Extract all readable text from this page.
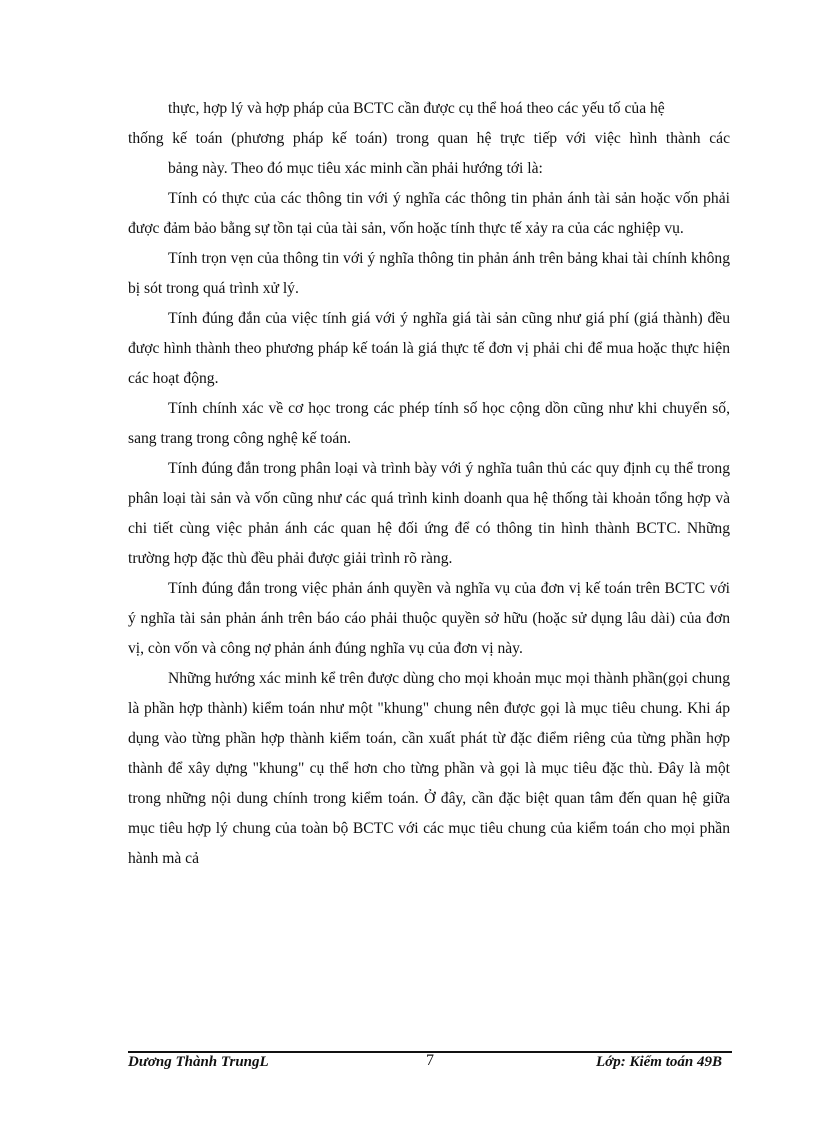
thực, hợp lý và hợp pháp của BCTC cần được cụ thể hoá theo các yếu tố của hệ

thống kế toán (phương pháp kế toán) trong quan hệ trực tiếp với việc hình thành các

bảng này. Theo đó mục tiêu xác minh cần phải hướng tới là:

Tính có thực của các thông tin với ý nghĩa các thông tin phản ánh tài sản hoặc vốn phải được đảm bảo bằng sự tồn tại của tài sản, vốn hoặc tính thực tế xảy ra của các nghiệp vụ.

Tính trọn vẹn của thông tin với ý nghĩa thông tin phản ánh trên bảng khai tài chính không bị sót trong quá trình xử lý.

Tính đúng đắn của việc tính giá với ý nghĩa giá tài sản cũng như giá phí (giá thành) đều được hình thành theo phương pháp kế toán là giá thực tế đơn vị phải chi để mua hoặc thực hiện các hoạt động.

Tính chính xác về cơ học trong các phép tính số học cộng dồn cũng như khi chuyển số, sang trang trong công nghệ kế toán.

Tính đúng đắn trong phân loại và trình bày với ý nghĩa tuân thủ các quy định cụ thể trong phân loại tài sản và vốn cũng như các quá trình kinh doanh qua hệ thống tài khoản tổng hợp và chi tiết cùng việc phản ánh các quan hệ đối ứng để có thông tin hình thành BCTC. Những trường hợp đặc thù đều phải được giải trình rõ ràng.

Tính đúng đắn trong việc phản ánh quyền và nghĩa vụ của đơn vị kế toán trên BCTC với ý nghĩa tài sản phản ánh trên báo cáo phải thuộc quyền sở hữu (hoặc sử dụng lâu dài) của đơn vị, còn vốn và công nợ phản ánh đúng nghĩa vụ của đơn vị này.

Những hướng xác minh kể trên được dùng cho mọi khoản mục mọi thành phần(gọi chung là phần hợp thành) kiểm toán như một "khung" chung nên được gọi là mục tiêu chung. Khi áp dụng vào từng phần hợp thành kiểm toán, cần xuất phát từ đặc điểm riêng của từng phần hợp thành để xây dựng "khung" cụ thể hơn cho từng phần và gọi là mục tiêu đặc thù. Đây là một trong những nội dung chính trong kiểm toán. Ở đây, cần đặc biệt quan tâm đến quan hệ giữa mục tiêu hợp lý chung của toàn bộ BCTC với các mục tiêu chung của kiểm toán cho mọi phần hành mà cả

Dương Thành TrungL	7	Lớp: Kiểm toán 49B
